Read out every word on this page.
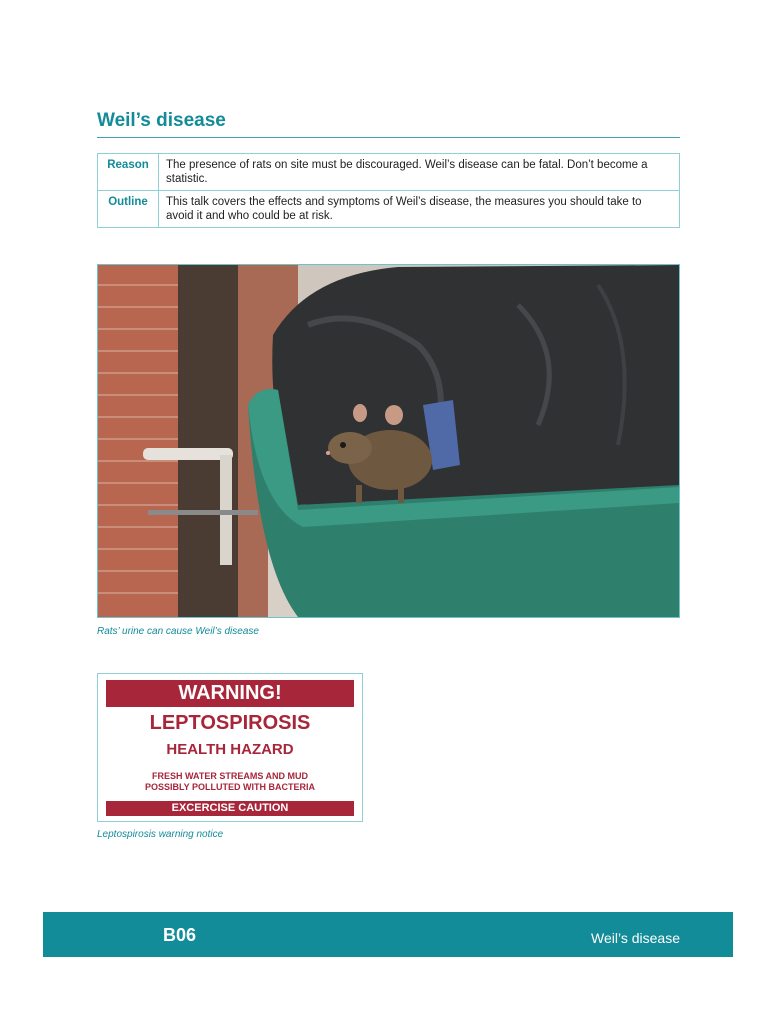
Weil’s disease
Reason	The presence of rats on site must be discouraged. Weil’s disease can be fatal. Don’t become a statistic.
Outline	This talk covers the effects and symptoms of Weil’s disease, the measures you should take to avoid it and who could be at risk.
Rats’ urine can cause Weil’s disease
WARNING!
LEPTOSPIROSIS
HEALTH HAZARD
FRESH WATER STREAMS AND MUD
POSSIBLY POLLUTED WITH BACTERIA
EXCERCISE CAUTION
Leptospirosis warning notice
B06	Weil’s disease
